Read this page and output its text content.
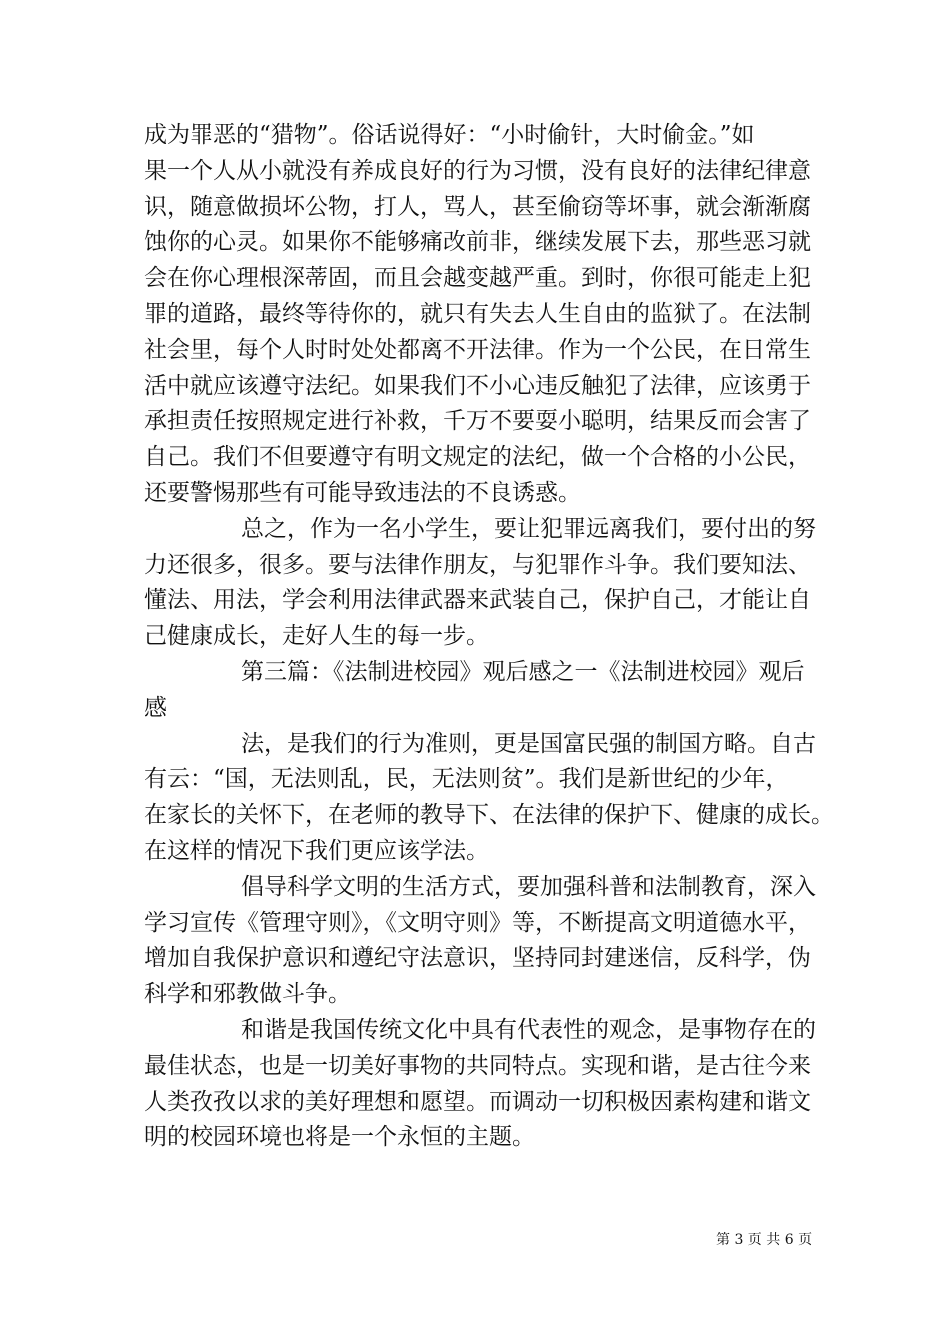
成为罪恶的“猎物”。俗话说得好：“小时偷针，大时偷金。”如
果一个人从小就没有养成良好的行为习惯，没有良好的法律纪律意
识，随意做损坏公物，打人，骂人，甚至偷窃等坏事，就会渐渐腐
蚀你的心灵。如果你不能够痛改前非，继续发展下去，那些恶习就
会在你心理根深蒂固，而且会越变越严重。到时，你很可能走上犯
罪的道路，最终等待你的，就只有失去人生自由的监狱了。在法制
社会里，每个人时时处处都离不开法律。作为一个公民，在日常生
活中就应该遵守法纪。如果我们不小心违反触犯了法律，应该勇于
承担责任按照规定进行补救，千万不要耍小聪明，结果反而会害了
自己。我们不但要遵守有明文规定的法纪，做一个合格的小公民，
还要警惕那些有可能导致违法的不良诱惑。
总之，作为一名小学生，要让犯罪远离我们，要付出的努
力还很多，很多。要与法律作朋友，与犯罪作斗争。我们要知法、
懂法、用法，学会利用法律武器来武装自己，保护自己，才能让自
己健康成长，走好人生的每一步。
第三篇：《法制进校园》观后感之一《法制进校园》观后
感
法，是我们的行为准则，更是国富民强的制国方略。自古
有云：“国，无法则乱，民，无法则贫”。我们是新世纪的少年，
在家长的关怀下，在老师的教导下、在法律的保护下、健康的成长。
在这样的情况下我们更应该学法。
倡导科学文明的生活方式，要加强科普和法制教育，深入
学习宣传《管理守则》，《文明守则》等，不断提高文明道德水平，
增加自我保护意识和遵纪守法意识，坚持同封建迷信，反科学，伪
科学和邪教做斗争。
和谐是我国传统文化中具有代表性的观念，是事物存在的
最佳状态，也是一切美好事物的共同特点。实现和谐，是古往今来
人类孜孜以求的美好理想和愿望。而调动一切积极因素构建和谐文
明的校园环境也将是一个永恒的主题。
第 3 页 共 6 页
